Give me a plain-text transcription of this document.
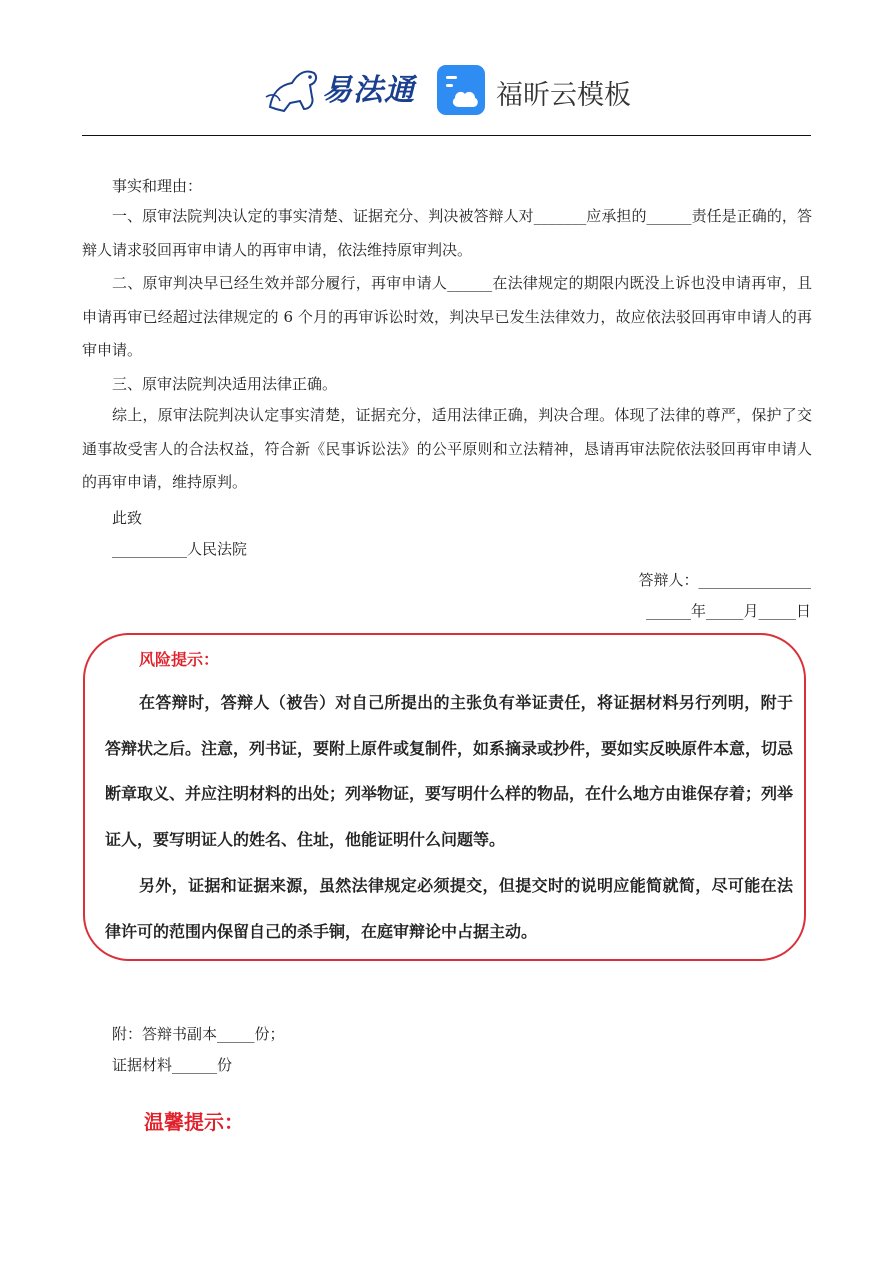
易法通	福昕云模板
事实和理由：

一、原审法院判决认定的事实清楚、证据充分、判决被答辩人对_______应承担的______责任是正确的，答辩人请求驳回再审申请人的再审申请，依法维持原审判决。

二、原审判决早已经生效并部分履行，再审申请人______在法律规定的期限内既没上诉也没申请再审，且申请再审已经超过法律规定的 6 个月的再审诉讼时效，判决早已发生法律效力，故应依法驳回再审申请人的再审申请。

三、原审法院判决适用法律正确。

综上，原审法院判决认定事实清楚，证据充分，适用法律正确，判决合理。体现了法律的尊严，保护了交通事故受害人的合法权益，符合新《民事诉讼法》的公平原则和立法精神，恳请再审法院依法驳回再审申请人的再审申请，维持原判。

此致
__________人民法院
答辩人：_______________
______年_____月_____日
风险提示：

在答辩时，答辩人（被告）对自己所提出的主张负有举证责任，将证据材料另行列明，附于答辩状之后。注意，列书证，要附上原件或复制件，如系摘录或抄件，要如实反映原件本意，切忌断章取义、并应注明材料的出处；列举物证，要写明什么样的物品，在什么地方由谁保存着；列举证人，要写明证人的姓名、住址，他能证明什么问题等。

另外，证据和证据来源，虽然法律规定必须提交，但提交时的说明应能简就简，尽可能在法律许可的范围内保留自己的杀手锏，在庭审辩论中占据主动。

附：答辩书副本_____份；
证据材料______份
温馨提示：
